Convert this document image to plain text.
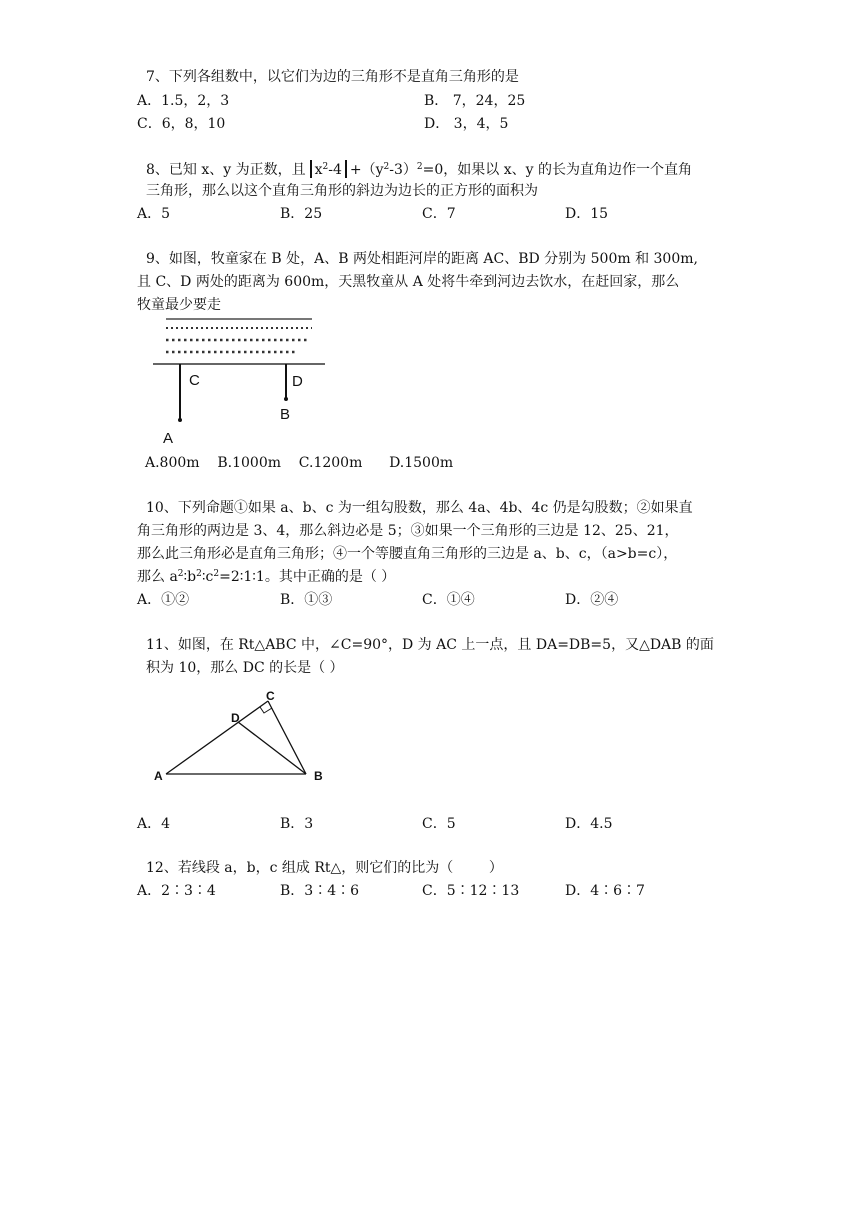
7、下列各组数中，以它们为边的三角形不是直角三角形的是
A．1.5，2，3	B． 7，24，25
C．6，8，10	D． 3，4，5
8、已知 x、y 为正数，且 $x^2-4 +(y^2-3)^2=0$，如果以 x、y 的长为直角边作一个直角
三角形，那么以这个直角三角形的斜边为边长的正方形的面积为
A．5	B．25	C．7	D．15
9、如图，牧童家在 B 处，A、B 两处相距河岸的距离 AC、BD 分别为 500m 和 300m,
且 C、D 两处的距离为 600m，天黑牧童从 A 处将牛牵到河边去饮水，在赶回家，那么
牧童最少要走
C	D
B
A
A.800m    B.1000m    C.1200m      D.1500m
10、下列命题①如果 a、b、c 为一组勾股数，那么 4a、4b、4c 仍是勾股数；②如果直
角三角形的两边是 3、4，那么斜边必是 5；③如果一个三角形的三边是 12、25、21，
那么此三角形必是直角三角形；④一个等腰直角三角形的三边是 a、b、c，（a>b=c），
那么 $a^2∶b^2∶c^2=2∶1∶1$。其中正确的是（ ）
A．①②	B．①③	C．①④	D．②④
11、如图，在 Rt△ABC 中，∠C=90°，D 为 AC 上一点，且 DA=DB=5，又△DAB 的面
积为 10，那么 DC 的长是（ ）
C
D
A	B
A．4	B．3	C．5	D．4.5
12、若线段 a，b，c 组成 Rt△，则它们的比为（        ）
A．2∶3∶4	B．3∶4∶6	C．5∶12∶13	D．4∶6∶7
